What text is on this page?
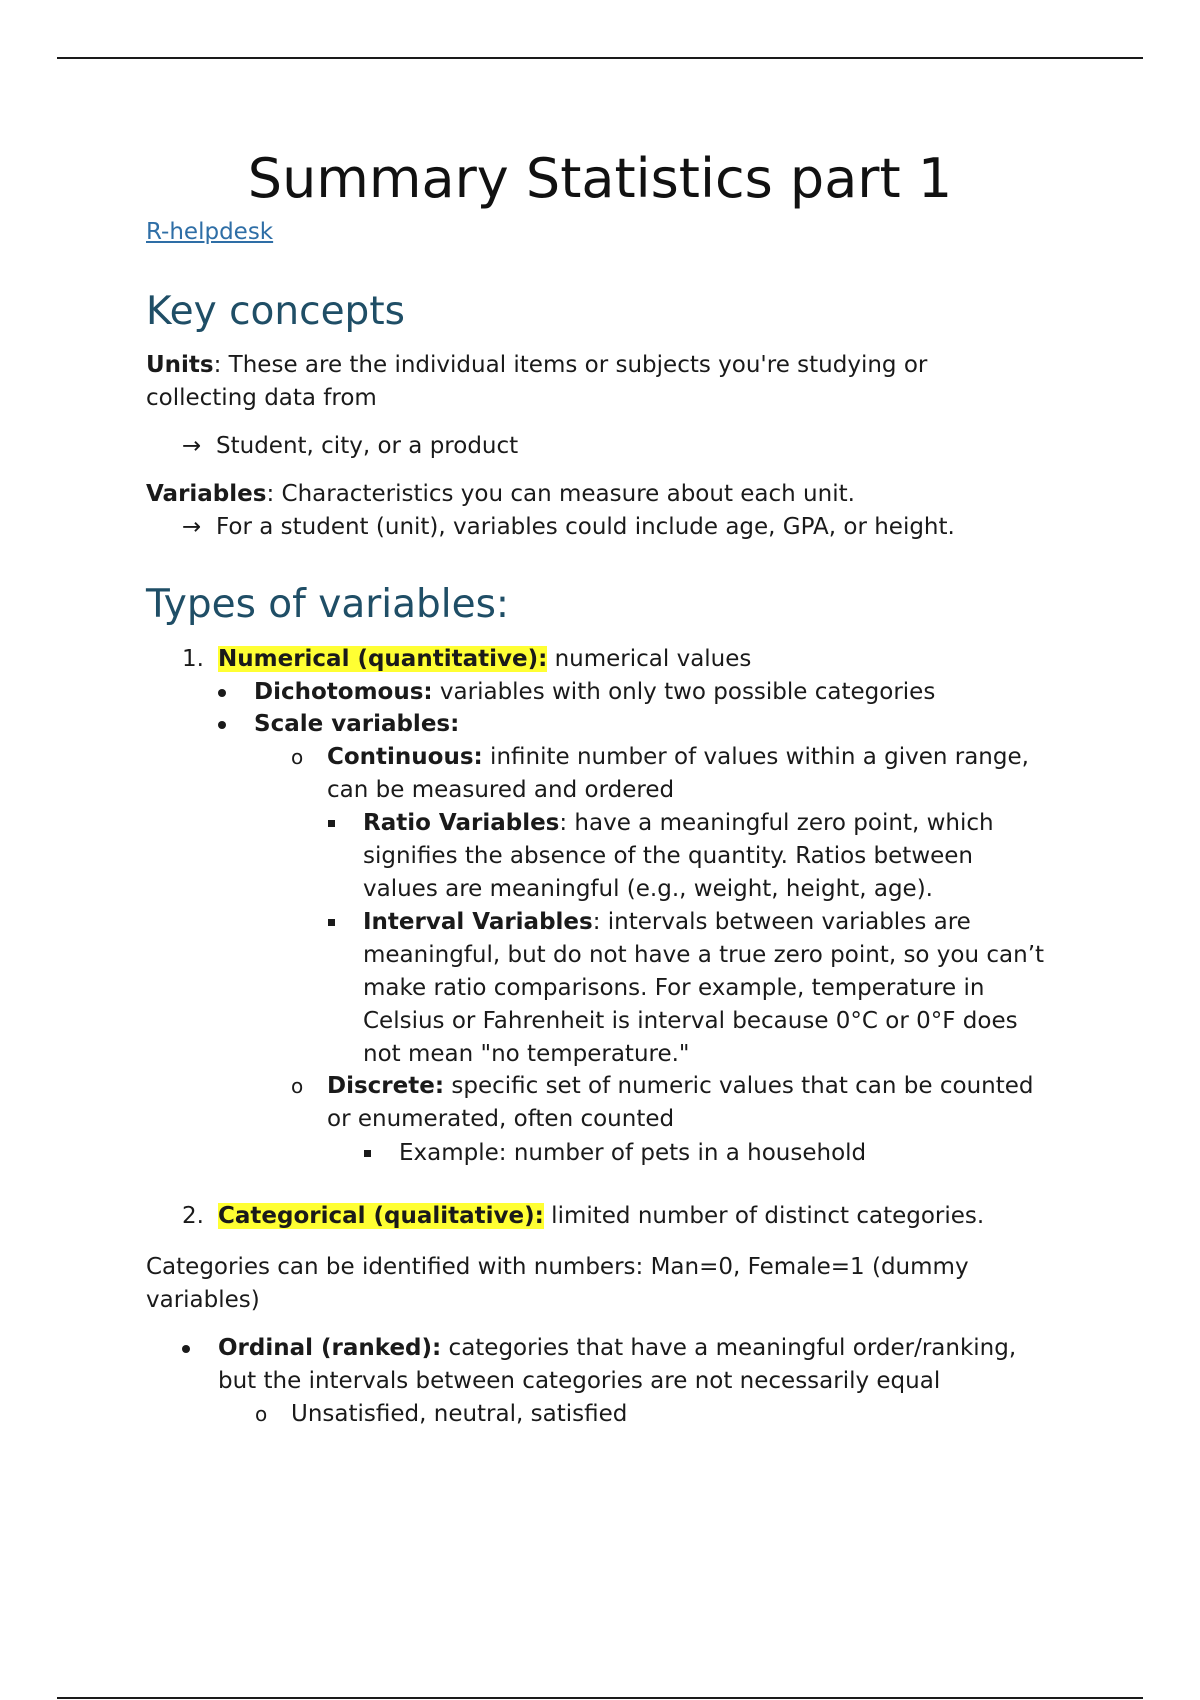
Summary Statistics part 1
R-helpdesk
Key concepts
Units: These are the individual items or subjects you're studying or
collecting data from
→ Student, city, or a product
Variables: Characteristics you can measure about each unit.
→ For a student (unit), variables could include age, GPA, or height.
Types of variables:
1. Numerical (quantitative): numerical values
Dichotomous: variables with only two possible categories
Scale variables:
o Continuous: infinite number of values within a given range,
can be measured and ordered
Ratio Variables: have a meaningful zero point, which
signifies the absence of the quantity. Ratios between
values are meaningful (e.g., weight, height, age).
Interval Variables: intervals between variables are
meaningful, but do not have a true zero point, so you can’t
make ratio comparisons. For example, temperature in
Celsius or Fahrenheit is interval because 0°C or 0°F does
not mean "no temperature."
o Discrete: specific set of numeric values that can be counted
or enumerated, often counted
Example: number of pets in a household
2. Categorical (qualitative): limited number of distinct categories.
Categories can be identified with numbers: Man=0, Female=1 (dummy
variables)
Ordinal (ranked): categories that have a meaningful order/ranking,
but the intervals between categories are not necessarily equal
o Unsatisfied, neutral, satisfied
